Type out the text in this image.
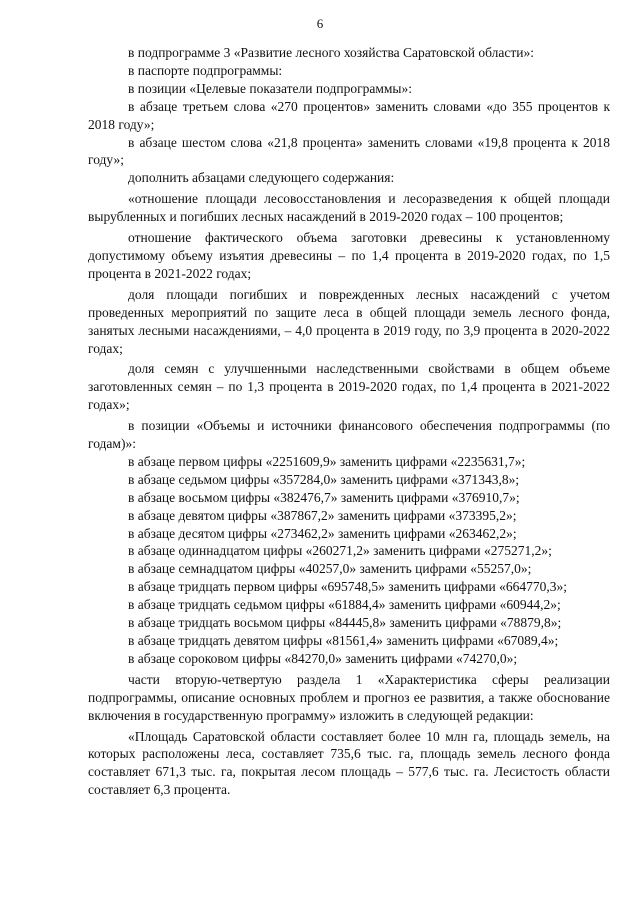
6

в подпрограмме 3 «Развитие лесного хозяйства Саратовской области»:

в паспорте подпрограммы:

в позиции «Целевые показатели подпрограммы»:

в абзаце третьем слова «270 процентов» заменить словами «до 355 процентов к 2018 году»;

в абзаце шестом слова «21,8 процента» заменить словами «19,8 процента к 2018 году»;

дополнить абзацами следующего содержания:

«отношение площади лесовосстановления и лесоразведения к общей площади вырубленных и погибших лесных насаждений в 2019-2020 годах – 100 процентов;

отношение фактического объема заготовки древесины к установленному допустимому объему изъятия древесины – по 1,4 процента в 2019-2020 годах, по 1,5 процента в 2021-2022 годах;

доля площади погибших и поврежденных лесных насаждений с учетом проведенных мероприятий по защите леса в общей площади земель лесного фонда, занятых лесными насаждениями, – 4,0 процента в 2019 году, по 3,9 процента в 2020-2022 годах;

доля семян с улучшенными наследственными свойствами в общем объеме заготовленных семян – по 1,3 процента в 2019-2020 годах, по 1,4 процента в 2021-2022 годах»;

в позиции «Объемы и источники финансового обеспечения подпрограммы (по годам)»:

в абзаце первом цифры «2251609,9» заменить цифрами «2235631,7»;

в абзаце седьмом цифры «357284,0» заменить цифрами «371343,8»;

в абзаце восьмом цифры «382476,7» заменить цифрами «376910,7»;

в абзаце девятом цифры «387867,2» заменить цифрами «373395,2»;

в абзаце десятом цифры «273462,2» заменить цифрами «263462,2»;

в абзаце одиннадцатом цифры «260271,2» заменить цифрами «275271,2»;

в абзаце семнадцатом цифры «40257,0» заменить цифрами «55257,0»;

в абзаце тридцать первом цифры «695748,5» заменить цифрами «664770,3»;

в абзаце тридцать седьмом цифры «61884,4» заменить цифрами «60944,2»;

в абзаце тридцать восьмом цифры «84445,8» заменить цифрами «78879,8»;

в абзаце тридцать девятом цифры «81561,4» заменить цифрами «67089,4»;

в абзаце сороковом цифры «84270,0» заменить цифрами «74270,0»;

части вторую-четвертую раздела 1 «Характеристика сферы реализации подпрограммы, описание основных проблем и прогноз ее развития, а также обоснование включения в государственную программу» изложить в следующей редакции:

«Площадь Саратовской области составляет более 10 млн га, площадь земель, на которых расположены леса, составляет 735,6 тыс. га, площадь земель лесного фонда составляет 671,3 тыс. га, покрытая лесом площадь – 577,6 тыс. га. Лесистость области составляет 6,3 процента.
